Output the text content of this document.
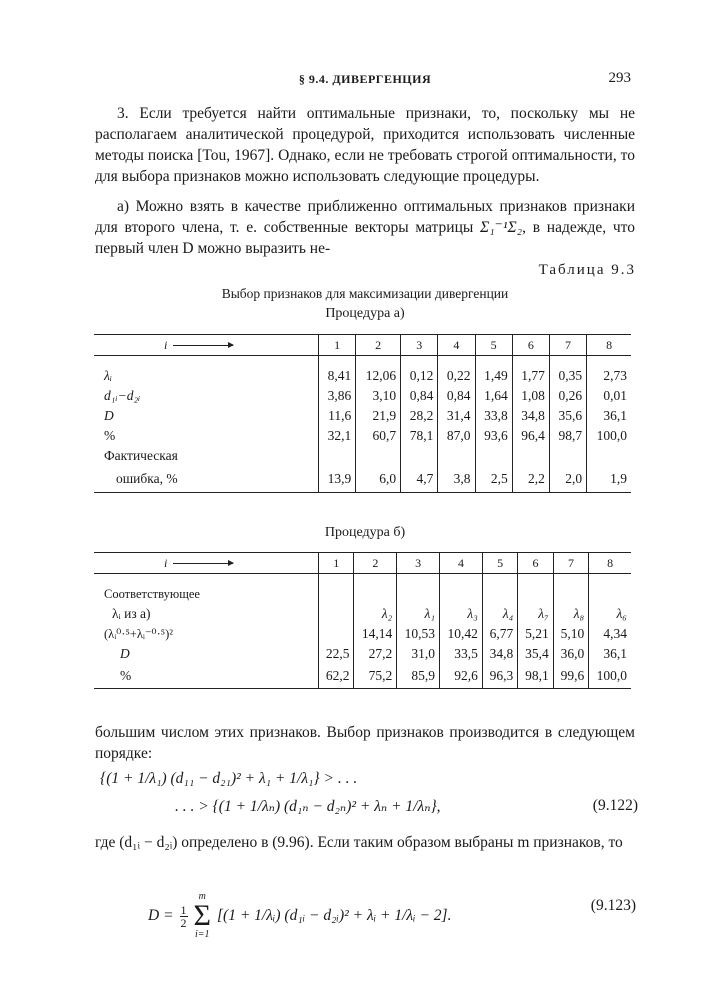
§ 9.4. ДИВЕРГЕНЦИЯ	293
3. Если требуется найти оптимальные признаки, то, поскольку мы не располагаем аналитической процедурой, приходится использовать численные методы поиска [Tou, 1967]. Однако, если не требовать строгой оптимальности, то для выбора признаков можно использовать следующие процедуры.
а) Можно взять в качестве приближенно оптимальных признаков признаки для второго члена, т. е. собственные векторы матрицы Σ₁⁻¹Σ₂, в надежде, что первый член D можно выразить не-
Таблица 9.3
Выбор признаков для максимизации дивергенции
Процедура а)
i	1	2	3	4	5	6	7	8

λᵢ	8,41	12,06	0,12	0,22	1,49	1,77	0,35	2,73
d₁ᵢ−d₂ᵢ	3,86	3,10	0,84	0,84	1,64	1,08	0,26	0,01
D	11,6	21,9	28,2	31,4	33,8	34,8	35,6	36,1
%	32,1	60,7	78,1	87,0	93,6	96,4	98,7	100,0
Фактическая								
ошибка, %	13,9	6,0	4,7	3,8	2,5	2,2	2,0	1,9
Процедура б)
i	1	2	3	4	5	6	7	8

Соответствующее								
λᵢ из а)		λ₂	λ₁	λ₃	λ₄	λ₇	λ₈	λ₆
(λᵢ⁰·⁵+λᵢ⁻⁰·⁵)²		14,14	10,53	10,42	6,77	5,21	5,10	4,34
D	22,5	27,2	31,0	33,5	34,8	35,4	36,0	36,1
%	62,2	75,2	85,9	92,6	96,3	98,1	99,6	100,0
большим числом этих признаков. Выбор признаков производится в следующем порядке:
{(1 + 1/λ₁) (d₁₁ − d₂₁)² + λ₁ + 1/λ₁} > . . .
. . . > {(1 + 1/λₙ) (d₁ₙ − d₂ₙ)² + λₙ + 1/λₙ},	(9.122)
где (d₁ᵢ − d₂ᵢ) определено в (9.96). Если таким образом выбраны m признаков, то
$D = \frac{1}{2}$
m
Σ
i=1
[(1 + 1/λᵢ) (d₁ᵢ − d₂ᵢ)² + λᵢ + 1/λᵢ − 2].
(9.123)
